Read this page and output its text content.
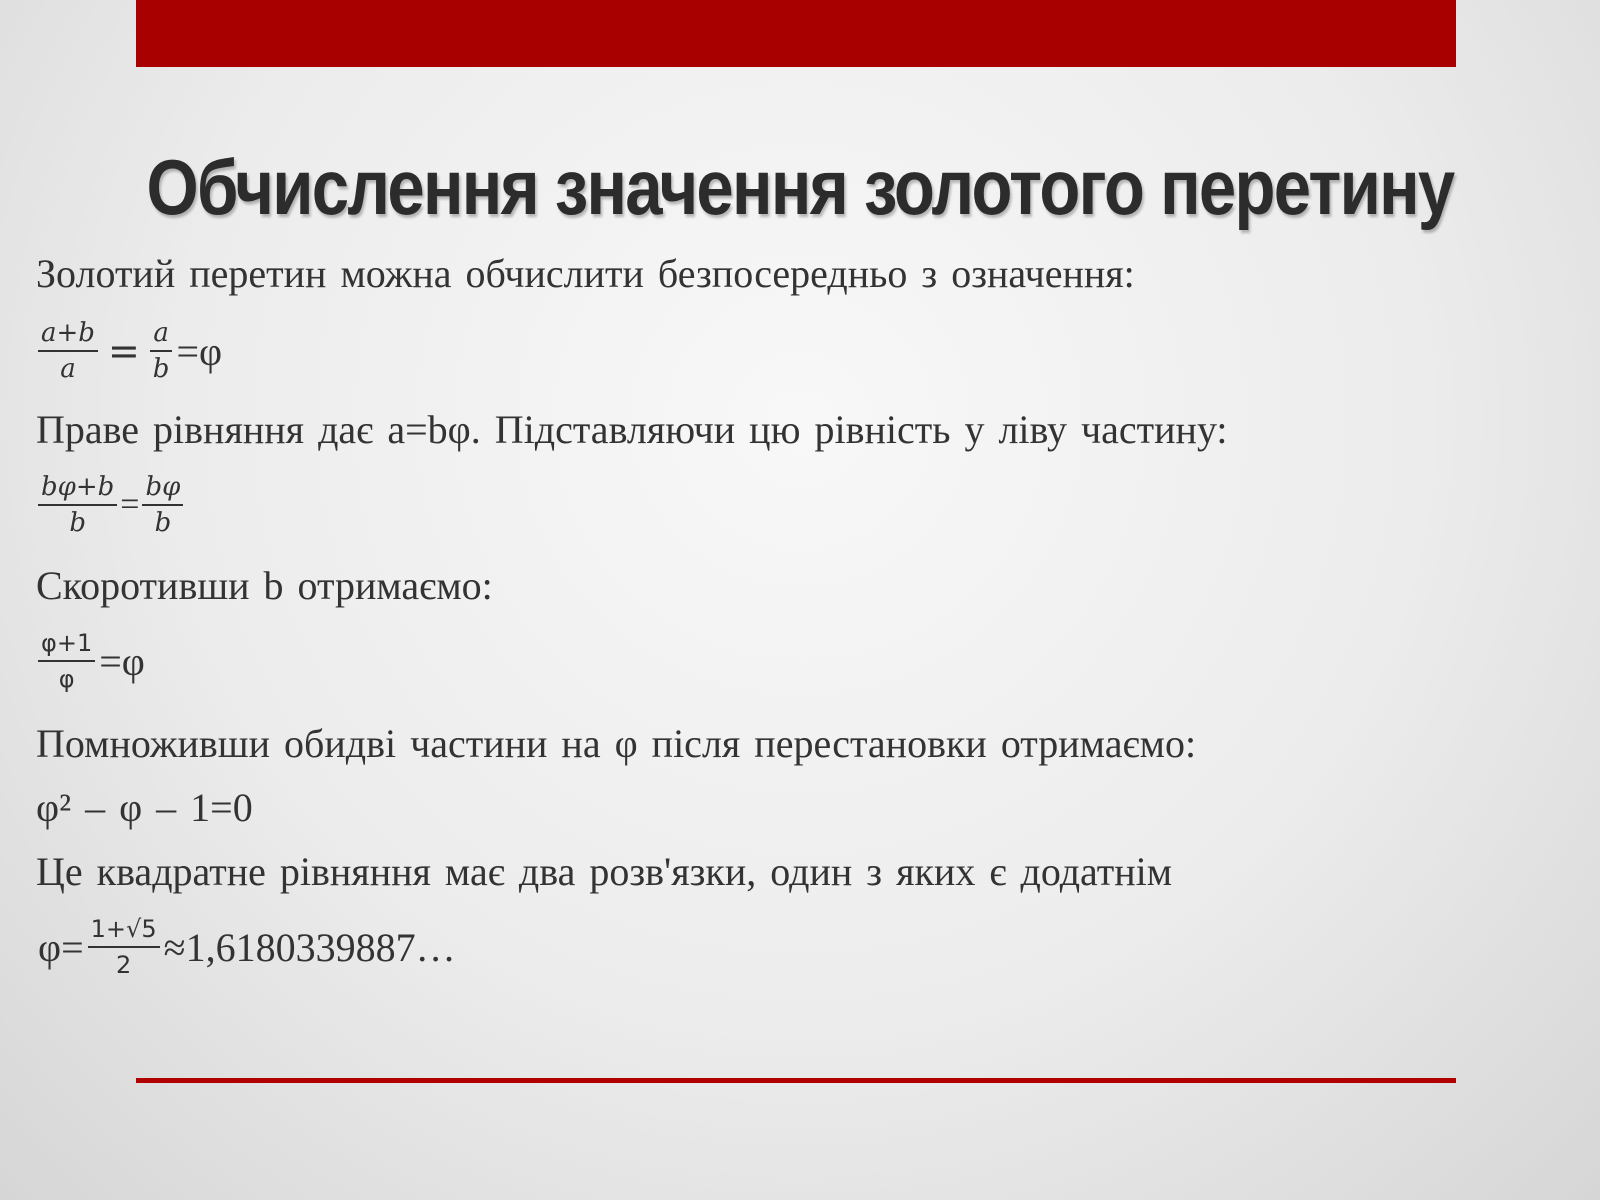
Обчислення значення золотого перетину
Золотий перетин можна обчислити безпосередньо з означення:
$\frac{a+b}{a} = \frac{a}{b} =\varphi$
Праве рівняння дає a=bφ. Підставляючи цю рівність у ліву частину:
$\frac{b\varphi+b}{b} = \frac{b\varphi}{b}$
Скоротивши b отримаємо:
$\frac{\varphi+1}{\varphi} =\varphi$
Помноживши обидві частини на φ після перестановки отримаємо:
φ² – φ – 1=0
Це квадратне рівняння має два розв'язки, один з яких є додатнім
$\varphi= \frac{1+√5}{2}$ ≈1,6180339887…
